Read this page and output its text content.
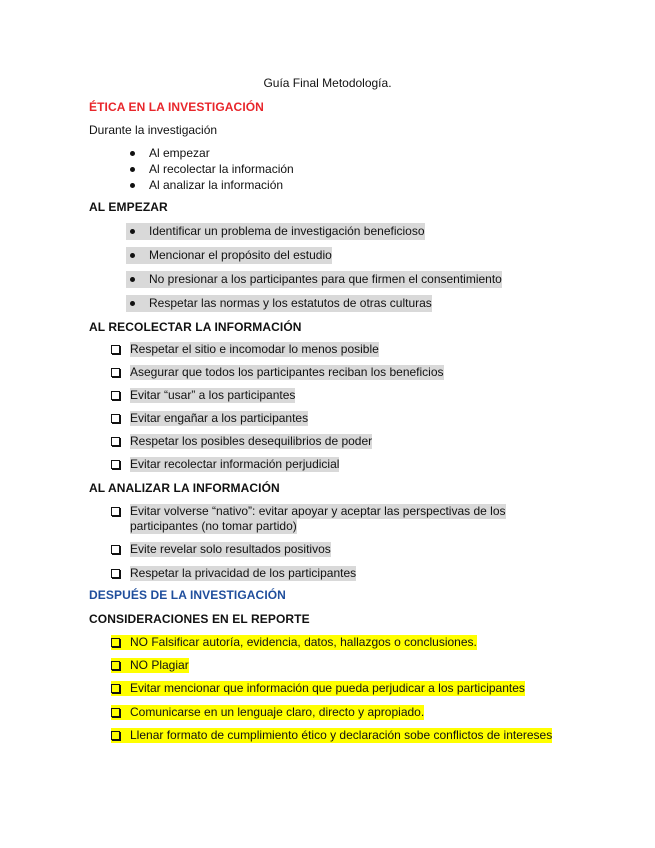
Guía Final Metodología.
ÉTICA EN LA INVESTIGACIÓN
Durante la investigación
Al empezar
Al recolectar la información
Al analizar la información
AL EMPEZAR
Identificar un problema de investigación beneficioso
Mencionar el propósito del estudio
No presionar a los participantes para que firmen el consentimiento
Respetar las normas y los estatutos de otras culturas
AL RECOLECTAR LA INFORMACIÓN
Respetar el sitio e incomodar lo menos posible
Asegurar que todos los participantes reciban los beneficios
Evitar “usar” a los participantes
Evitar engañar a los participantes
Respetar los posibles desequilibrios de poder
Evitar recolectar información perjudicial
AL ANALIZAR LA INFORMACIÓN
Evitar volverse “nativo”: evitar apoyar y aceptar las perspectivas de los
participantes (no tomar partido)
Evite revelar solo resultados positivos
Respetar la privacidad de los participantes
DESPUÉS DE LA INVESTIGACIÓN
CONSIDERACIONES EN EL REPORTE
NO Falsificar autoría, evidencia, datos, hallazgos o conclusiones.
NO Plagiar
Evitar mencionar que información que pueda perjudicar a los participantes
Comunicarse en un lenguaje claro, directo y apropiado.
Llenar formato de cumplimiento ético y declaración sobe conflictos de intereses
